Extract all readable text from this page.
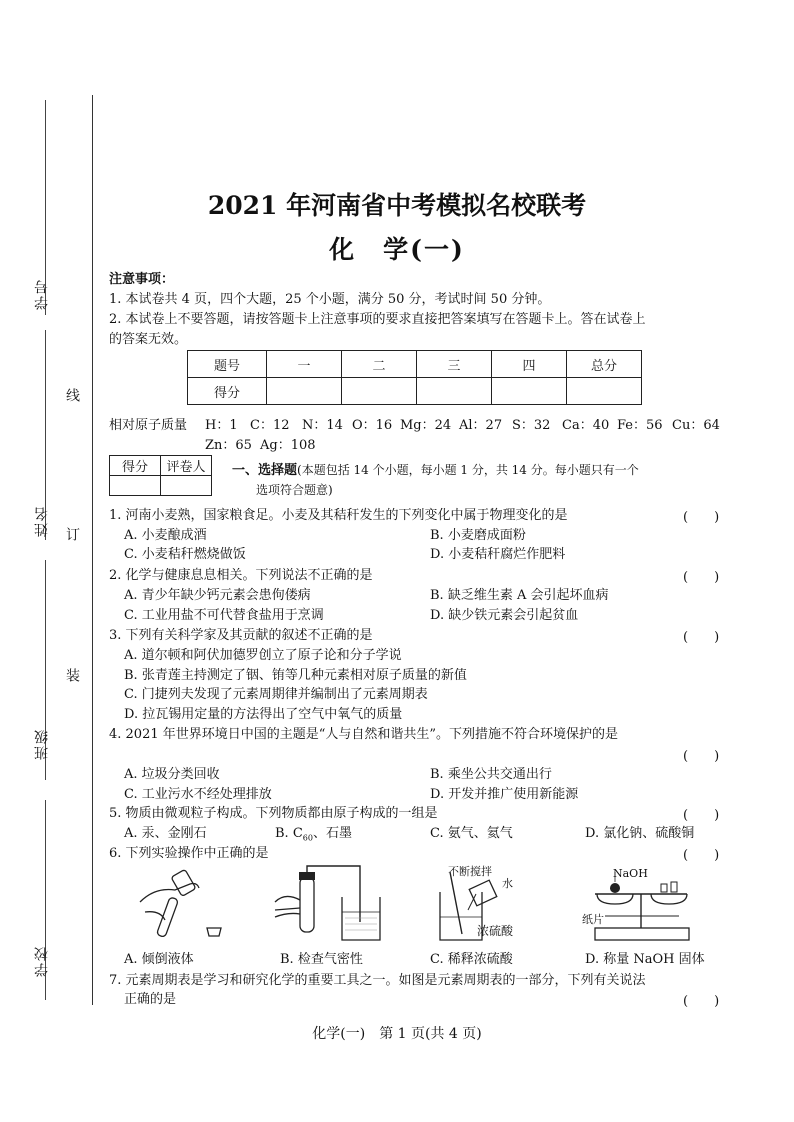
学号
姓名
班级
学校
线
订
装
2021 年河南省中考模拟名校联考
化　学(一)
注意事项：
1. 本试卷共 4 页，四个大题，25 个小题，满分 50 分，考试时间 50 分钟。
2. 本试卷上不要答题，请按答题卡上注意事项的要求直接把答案填写在答题卡上。答在试卷上
的答案无效。
题号	一	二	三	四	总分
得分					
相对原子质量 H：1 C：12 N：14 O：16 Mg：24 Al：27 S：32 Ca：40 Fe：56 Cu：64
Zn：65 Ag：108
得分	评卷人
	一、选择题(本题包括 14 个小题，每小题 1 分，共 14 分。每小题只有一个
选项符合题意)
1. 河南小麦熟，国家粮食足。小麦及其秸秆发生的下列变化中属于物理变化的是	(　　)
A. 小麦酿成酒	B. 小麦磨成面粉
C. 小麦秸秆燃烧做饭	D. 小麦秸秆腐烂作肥料
2. 化学与健康息息相关。下列说法不正确的是	(　　)
A. 青少年缺少钙元素会患佝偻病	B. 缺乏维生素 A 会引起坏血病
C. 工业用盐不可代替食盐用于烹调	D. 缺少铁元素会引起贫血
3. 下列有关科学家及其贡献的叙述不正确的是	(　　)
A. 道尔顿和阿伏加德罗创立了原子论和分子学说
B. 张青莲主持测定了铟、铕等几种元素相对原子质量的新值
C. 门捷列夫发现了元素周期律并编制出了元素周期表
D. 拉瓦锡用定量的方法得出了空气中氧气的质量
4. 2021 年世界环境日中国的主题是“人与自然和谐共生”。下列措施不符合环境保护的是
(　　)
A. 垃圾分类回收	B. 乘坐公共交通出行
C. 工业污水不经处理排放	D. 开发并推广使用新能源
5. 物质由微观粒子构成。下列物质都由原子构成的一组是	(　　)
A. 汞、金刚石	B. $C_{60}$、石墨	C. 氨气、氦气	D. 氯化钠、硫酸铜
6. 下列实验操作中正确的是	(　　)
A. 倾倒液体	B. 检查气密性
不断搅拌
水
浓硫酸
C. 稀释浓硫酸
NaOH
纸片
D. 称量 NaOH 固体
7. 元素周期表是学习和研究化学的重要工具之一。如图是元素周期表的一部分，下列有关说法
正确的是	(　　)
化学(一)　第 1 页(共 4 页)
